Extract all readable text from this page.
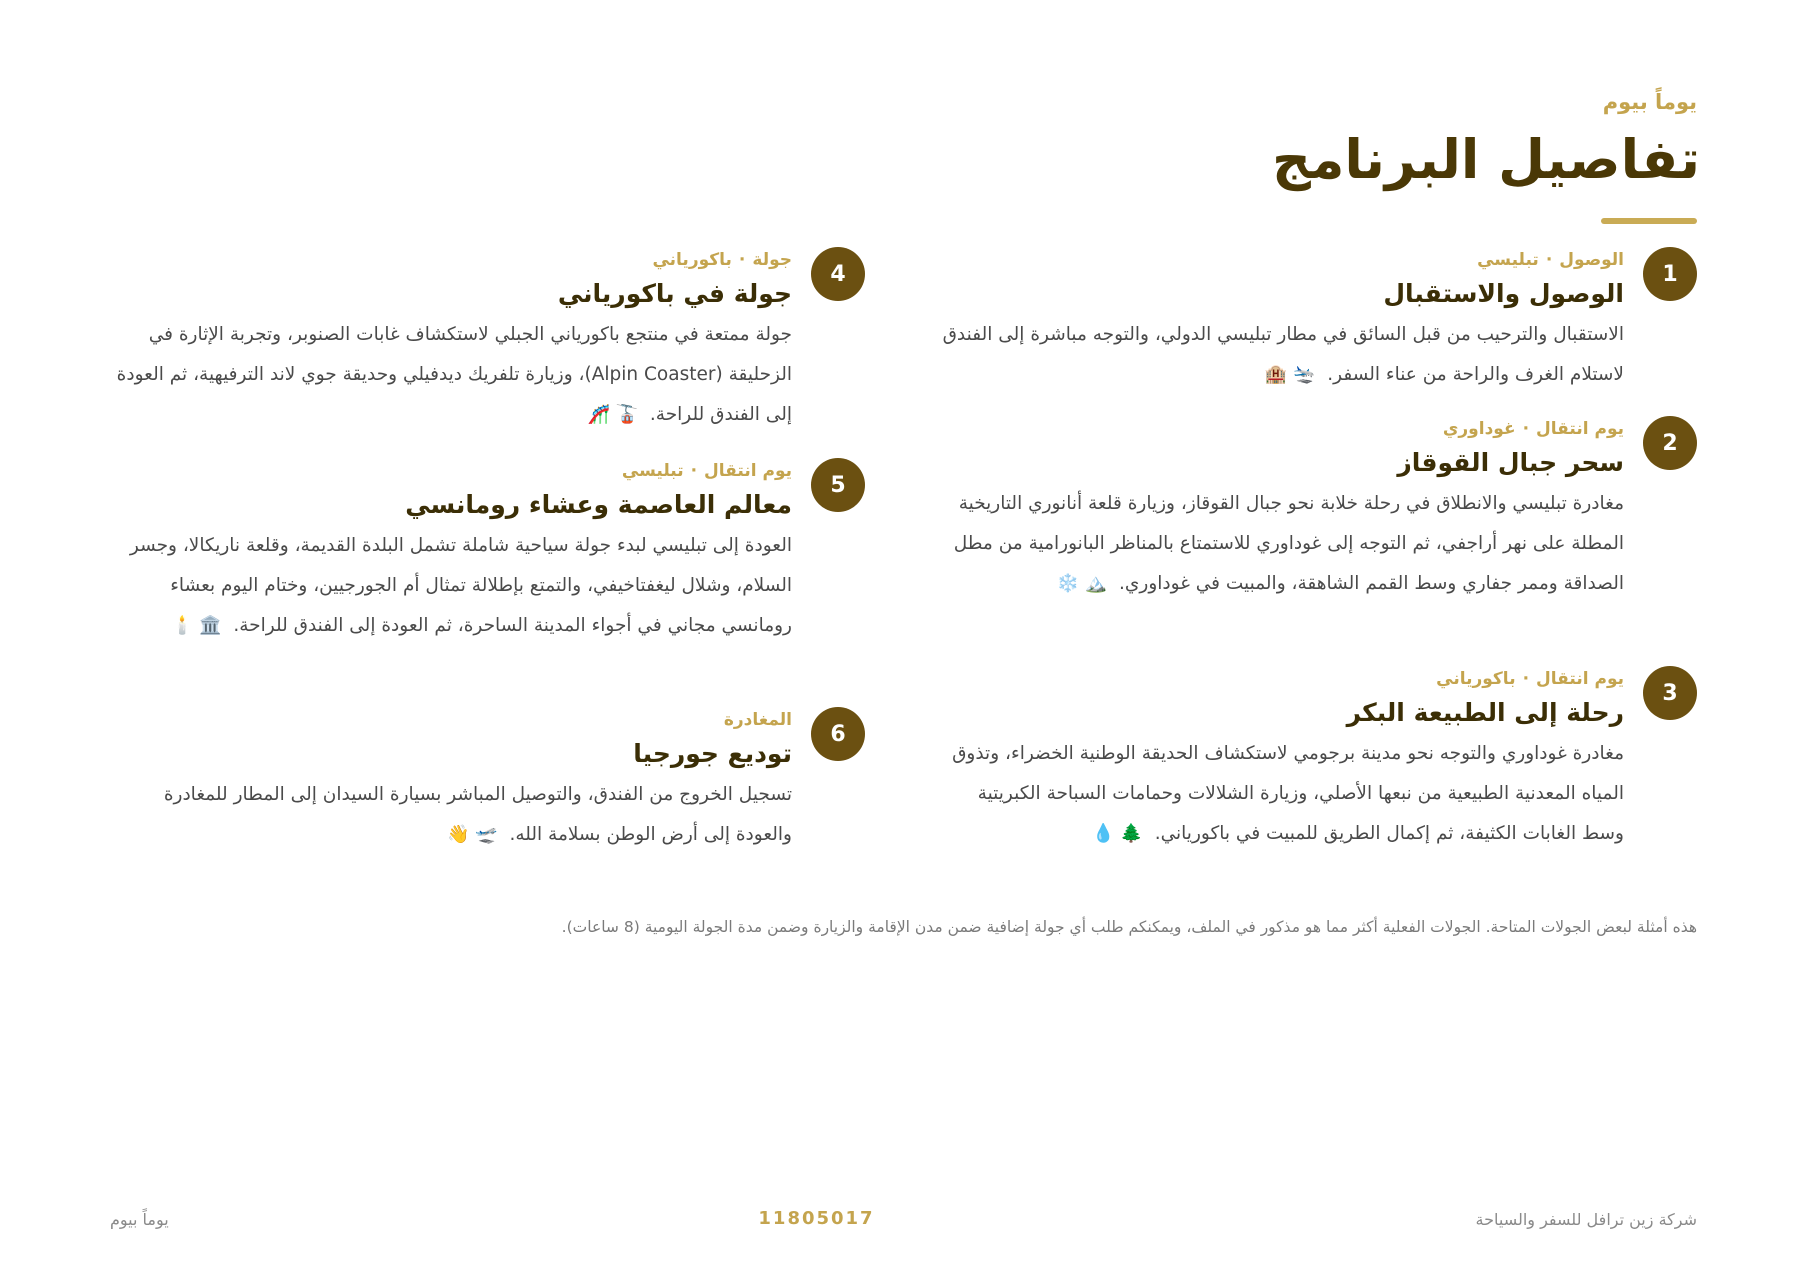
يوماً بيوم
تفاصيل البرنامج
1
الوصول·تبليسي
الوصول والاستقبال
الاستقبال والترحيب من قبل السائق في مطار تبليسي الدولي، والتوجه مباشرة إلى الفندق لاستلام الغرف والراحة من عناء السفر. 🛬 🏨
2
يوم انتقال·غوداوري
سحر جبال القوقاز
مغادرة تبليسي والانطلاق في رحلة خلابة نحو جبال القوقاز، وزيارة قلعة أنانوري التاريخية المطلة على نهر أراجفي، ثم التوجه إلى غوداوري للاستمتاع بالمناظر البانورامية من مطل الصداقة وممر جفاري وسط القمم الشاهقة، والمبيت في غوداوري. 🏔️ ❄️
3
يوم انتقال·باكورياني
رحلة إلى الطبيعة البكر
مغادرة غوداوري والتوجه نحو مدينة برجومي لاستكشاف الحديقة الوطنية الخضراء، وتذوق المياه المعدنية الطبيعية من نبعها الأصلي، وزيارة الشلالات وحمامات السباحة الكبريتية وسط الغابات الكثيفة، ثم إكمال الطريق للمبيت في باكورياني. 🌲 💧
4
جولة·باكورياني
جولة في باكورياني
جولة ممتعة في منتجع باكورياني الجبلي لاستكشاف غابات الصنوبر، وتجربة الإثارة في الزحليقة (Alpin Coaster)، وزيارة تلفريك ديدفيلي وحديقة جوي لاند الترفيهية، ثم العودة إلى الفندق للراحة. 🚡 🎢
5
يوم انتقال·تبليسي
معالم العاصمة وعشاء رومانسي
العودة إلى تبليسي لبدء جولة سياحية شاملة تشمل البلدة القديمة، وقلعة ناريكالا، وجسر السلام، وشلال ليغفتاخيفي، والتمتع بإطلالة تمثال أم الجورجيين، وختام اليوم بعشاء رومانسي مجاني في أجواء المدينة الساحرة، ثم العودة إلى الفندق للراحة. 🏛️ 🕯️
6
المغادرة
توديع جورجيا
تسجيل الخروج من الفندق، والتوصيل المباشر بسيارة السيدان إلى المطار للمغادرة والعودة إلى أرض الوطن بسلامة الله. 🛫 👋
هذه أمثلة لبعض الجولات المتاحة. الجولات الفعلية أكثر مما هو مذكور في الملف، ويمكنكم طلب أي جولة إضافية ضمن مدن الإقامة والزيارة وضمن مدة الجولة اليومية (8 ساعات).
شركة زين ترافل للسفر والسياحة
11805017
يوماً بيوم
